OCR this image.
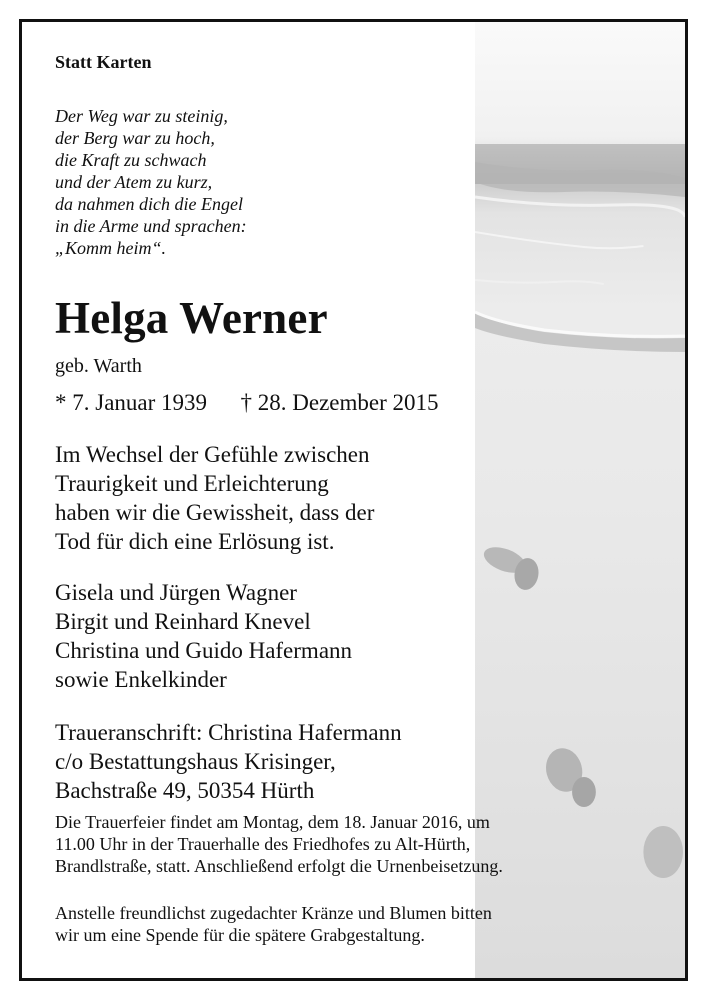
Statt Karten
Der Weg war zu steinig,
der Berg war zu hoch,
die Kraft zu schwach
und der Atem zu kurz,
da nahmen dich die Engel
in die Arme und sprachen:
„Komm heim“.
Helga Werner
geb. Warth
* 7. Januar 1939 † 28. Dezember 2015
Im Wechsel der Gefühle zwischen
Traurigkeit und Erleichterung
haben wir die Gewissheit, dass der
Tod für dich eine Erlösung ist.
Gisela und Jürgen Wagner
Birgit und Reinhard Knevel
Christina und Guido Hafermann
sowie Enkelkinder
Traueranschrift: Christina Hafermann
c/o Bestattungshaus Krisinger,
Bachstraße 49, 50354 Hürth
Die Trauerfeier findet am Montag, dem 18. Januar 2016, um
11.00 Uhr in der Trauerhalle des Friedhofes zu Alt-Hürth,
Brandlstraße, statt. Anschließend erfolgt die Urnenbeisetzung.
Anstelle freundlichst zugedachter Kränze und Blumen bitten
wir um eine Spende für die spätere Grabgestaltung.
